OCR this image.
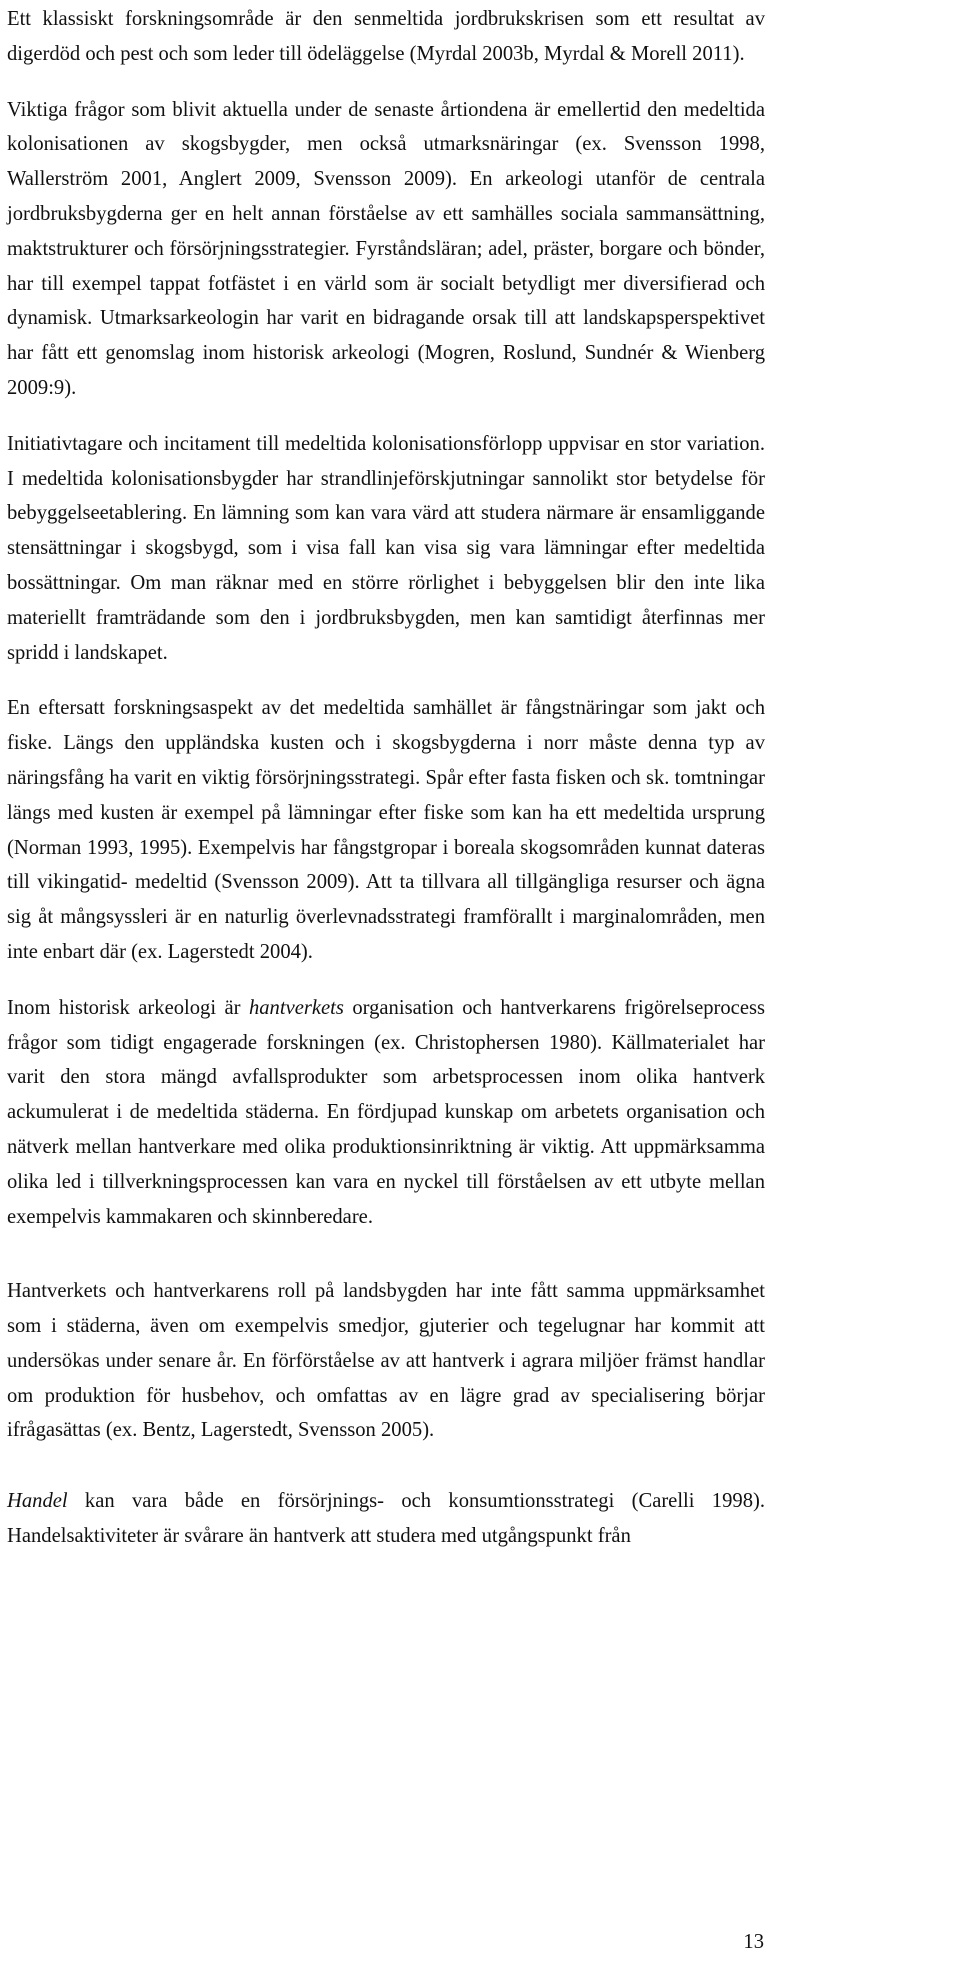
Ett klassiskt forskningsområde är den senmeltida jordbrukskrisen som ett resultat av digerdöd och pest och som leder till ödeläggelse (Myrdal 2003b, Myrdal & Morell 2011).

Viktiga frågor som blivit aktuella under de senaste årtiondena är emellertid den medeltida kolonisationen av skogsbygder, men också utmarksnäringar (ex. Svensson 1998, Wallerström 2001, Anglert 2009, Svensson 2009). En arkeologi utanför de centrala jordbruksbygderna ger en helt annan förståelse av ett samhälles sociala sammansättning, maktstrukturer och försörjningsstrategier. Fyrståndsläran; adel, präster, borgare och bönder, har till exempel tappat fotfästet i en värld som är socialt betydligt mer diversifierad och dynamisk. Utmarksarkeologin har varit en bidragande orsak till att landskapsperspektivet har fått ett genomslag inom historisk arkeologi (Mogren, Roslund, Sundnér & Wienberg 2009:9).

Initiativtagare och incitament till medeltida kolonisationsförlopp uppvisar en stor variation. I medeltida kolonisationsbygder har strandlinjeförskjutningar sannolikt stor betydelse för bebyggelseetablering. En lämning som kan vara värd att studera närmare är ensamliggande stensättningar i skogsbygd, som i visa fall kan visa sig vara lämningar efter medeltida bossättningar. Om man räknar med en större rörlighet i bebyggelsen blir den inte lika materiellt framträdande som den i jordbruksbygden, men kan samtidigt återfinnas mer spridd i landskapet.

En eftersatt forskningsaspekt av det medeltida samhället är fångstnäringar som jakt och fiske. Längs den uppländska kusten och i skogsbygderna i norr måste denna typ av näringsfång ha varit en viktig försörjningsstrategi. Spår efter fasta fisken och sk. tomtningar längs med kusten är exempel på lämningar efter fiske som kan ha ett medeltida ursprung (Norman 1993, 1995). Exempelvis har fångstgropar i boreala skogsområden kunnat dateras till vikingatid- medeltid (Svensson 2009). Att ta tillvara all tillgängliga resurser och ägna sig åt mångsyssleri är en naturlig överlevnadsstrategi framförallt i marginalområden, men inte enbart där (ex. Lagerstedt 2004).

Inom historisk arkeologi är hantverkets organisation och hantverkarens frigörelseprocess frågor som tidigt engagerade forskningen (ex. Christophersen 1980). Källmaterialet har varit den stora mängd avfallsprodukter som arbetsprocessen inom olika hantverk ackumulerat i de medeltida städerna. En fördjupad kunskap om arbetets organisation och nätverk mellan hantverkare med olika produktionsinriktning är viktig. Att uppmärksamma olika led i tillverkningsprocessen kan vara en nyckel till förståelsen av ett utbyte mellan exempelvis kammakaren och skinnberedare.

Hantverkets och hantverkarens roll på landsbygden har inte fått samma uppmärksamhet som i städerna, även om exempelvis smedjor, gjuterier och tegelugnar har kommit att undersökas under senare år. En förförståelse av att hantverk i agrara miljöer främst handlar om produktion för husbehov, och omfattas av en lägre grad av specialisering börjar ifrågasättas (ex. Bentz, Lagerstedt, Svensson 2005).

Handel kan vara både en försörjnings- och konsumtionsstrategi (Carelli 1998). Handelsaktiviteter är svårare än hantverk att studera med utgångspunkt från

13
